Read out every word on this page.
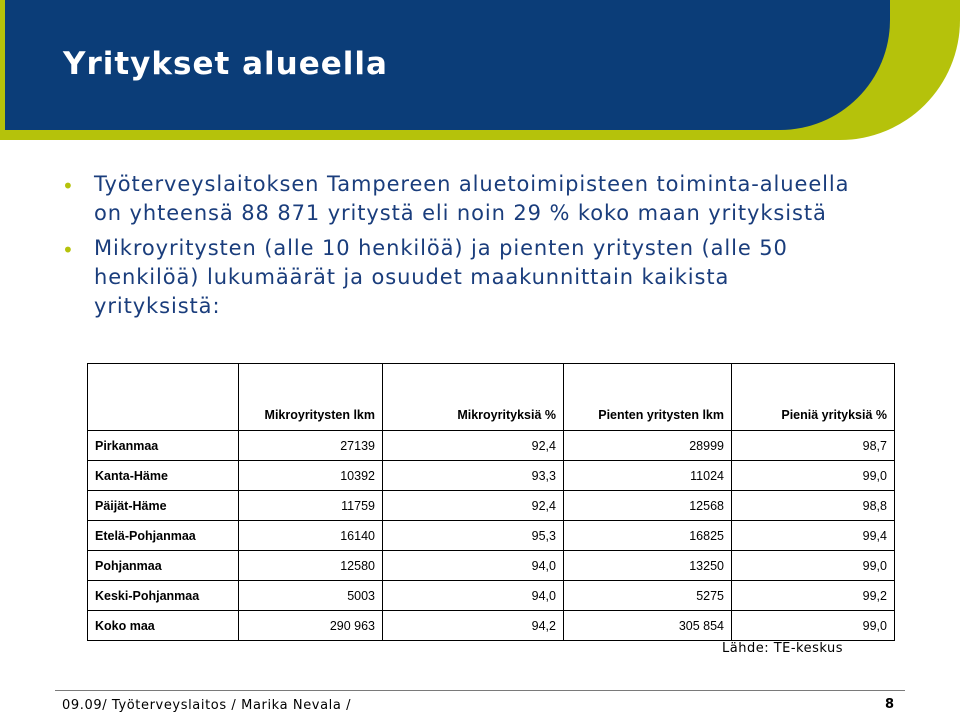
Yritykset alueella
• Työterveyslaitoksen Tampereen aluetoimipisteen toiminta-alueella on yhteensä 88 871 yritystä eli noin 29 % koko maan yrityksistä
• Mikroyritysten (alle 10 henkilöä) ja pienten yritysten (alle 50 henkilöä) lukumäärät ja osuudet maakunnittain kaikista yrityksistä:
	Mikroyritysten lkm	Mikroyrityksiä %	Pienten yritysten lkm	Pieniä yrityksiä %
Pirkanmaa	27139	92,4	28999	98,7
Kanta-Häme	10392	93,3	11024	99,0
Päijät-Häme	11759	92,4	12568	98,8
Etelä-Pohjanmaa	16140	95,3	16825	99,4
Pohjanmaa	12580	94,0	13250	99,0
Keski-Pohjanmaa	5003	94,0	5275	99,2
Koko maa	290 963	94,2	305 854	99,0
Lähde: TE-keskus
09.09/ Työterveyslaitos / Marika Nevala /	8
